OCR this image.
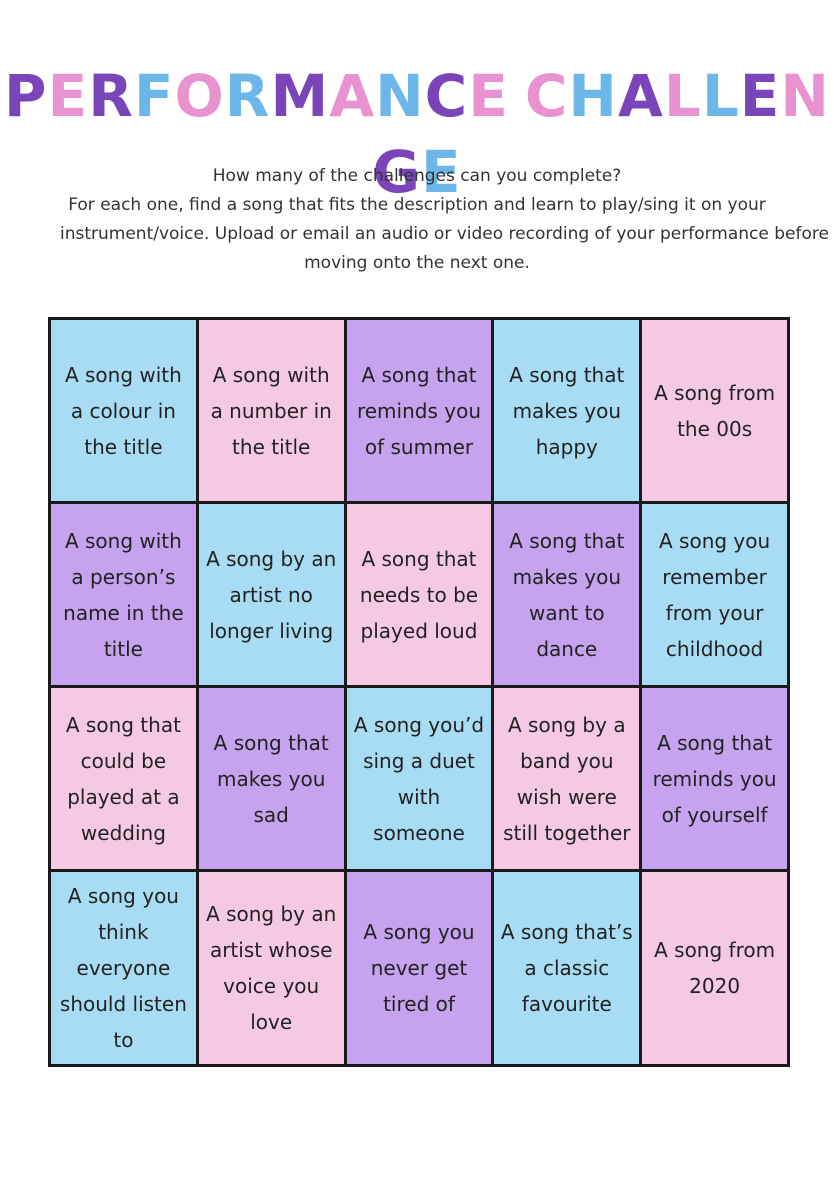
PERFORMANCE CHALLENGE
How many of the challenges can you complete?
For each one, find a song that fits the description and learn to play/sing it on your
instrument/voice. Upload or email an audio or video recording of your performance before
moving onto the next one.
A song with a colour in the title
A song with a number in the title
A song that reminds you of summer
A song that makes you happy
A song from the 00s
A song with a person’s name in the title
A song by an artist no longer living
A song that needs to be played loud
A song that makes you want to dance
A song you remember from your childhood
A song that could be played at a wedding
A song that makes you sad
A song you’d sing a duet with someone
A song by a band you wish were still together
A song that reminds you of yourself
A song you think everyone should listen to
A song by an artist whose voice you love
A song you never get tired of
A song that’s a classic favourite
A song from 2020
